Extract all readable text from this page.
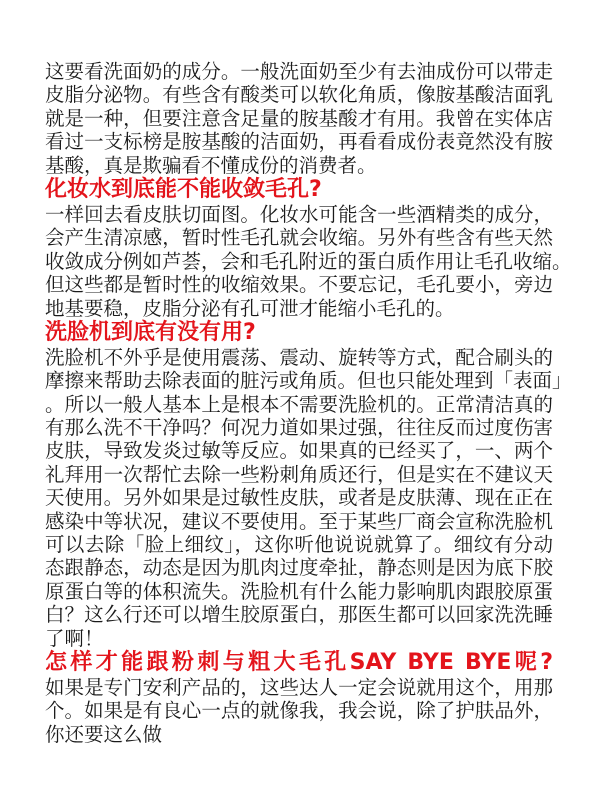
这要看洗面奶的成分。一般洗面奶至少有去油成份可以带走
皮脂分泌物。有些含有酸类可以软化角质，像胺基酸洁面乳
就是一种，但要注意含足量的胺基酸才有用。我曾在实体店
看过一支标榜是胺基酸的洁面奶，再看看成份表竟然没有胺
基酸，真是欺骗看不懂成份的消费者。
化妆水到底能不能收敛毛孔?
一样回去看皮肤切面图。化妆水可能含一些酒精类的成分，
会产生清凉感，暂时性毛孔就会收缩。另外有些含有些天然
收敛成分例如芦荟，会和毛孔附近的蛋白质作用让毛孔收缩。
但这些都是暂时性的收缩效果。不要忘记，毛孔要小，旁边
地基要稳，皮脂分泌有孔可泄才能缩小毛孔的。
洗脸机到底有没有用?
洗脸机不外乎是使用震荡、震动、旋转等方式，配合刷头的
摩擦来帮助去除表面的脏污或角质。但也只能处理到「表面」
。所以一般人基本上是根本不需要洗脸机的。正常清洁真的
有那么洗不干净吗？何况力道如果过强，往往反而过度伤害
皮肤，导致发炎过敏等反应。如果真的已经买了，一、两个
礼拜用一次帮忙去除一些粉刺角质还行，但是实在不建议天
天使用。另外如果是过敏性皮肤，或者是皮肤薄、现在正在
感染中等状况，建议不要使用。至于某些厂商会宣称洗脸机
可以去除「脸上细纹」，这你听他说说就算了。细纹有分动
态跟静态，动态是因为肌肉过度牵扯，静态则是因为底下胶
原蛋白等的体积流失。洗脸机有什么能力影响肌肉跟胶原蛋
白？这么行还可以增生胶原蛋白，那医生都可以回家洗洗睡
了啊！
怎样才能跟粉刺与粗大毛孔SAY BYE BYE呢?
如果是专门安利产品的，这些达人一定会说就用这个，用那
个。如果是有良心一点的就像我，我会说，除了护肤品外，
你还要这么做
